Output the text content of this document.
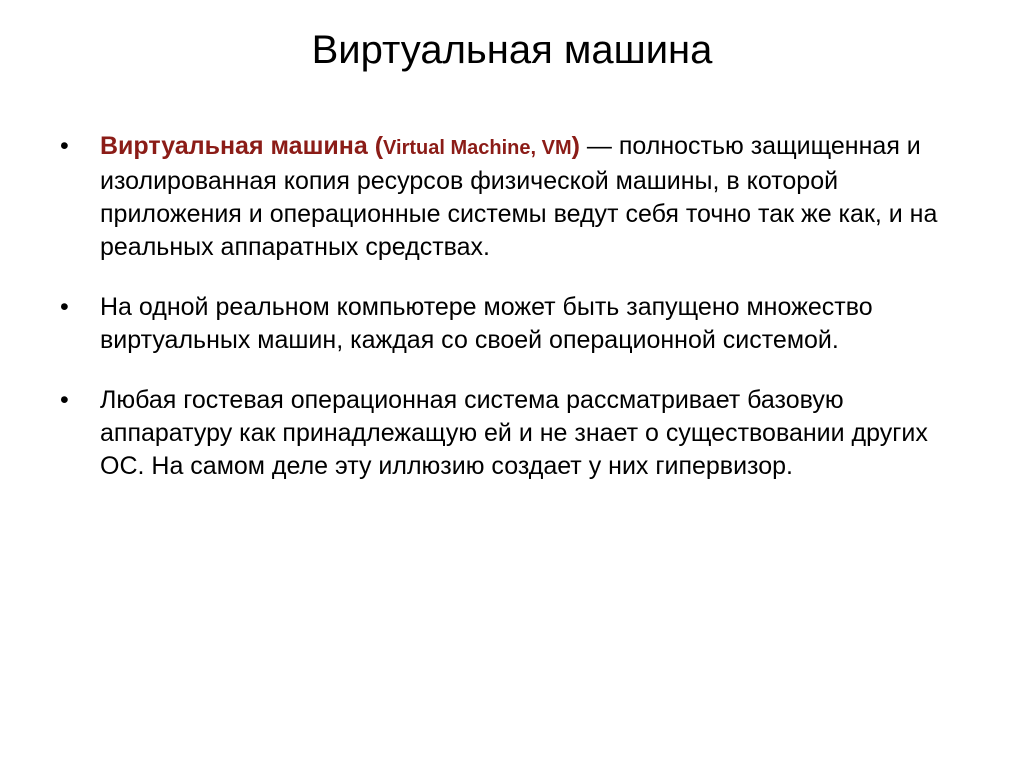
Виртуальная машина
•	Виртуальная машина (Virtual Machine, VM) — полностью защищенная и изолированная копия ресурсов физической машины, в которой приложения и операционные системы ведут себя точно так же как, и на реальных аппаратных средствах.
•	На одной реальном компьютере может быть запущено множество виртуальных машин, каждая со своей операционной системой.
•	Любая гостевая операционная система рассматривает базовую аппаратуру как принадлежащую ей и не знает о существовании других ОС. На самом деле эту иллюзию создает у них гипервизор.
